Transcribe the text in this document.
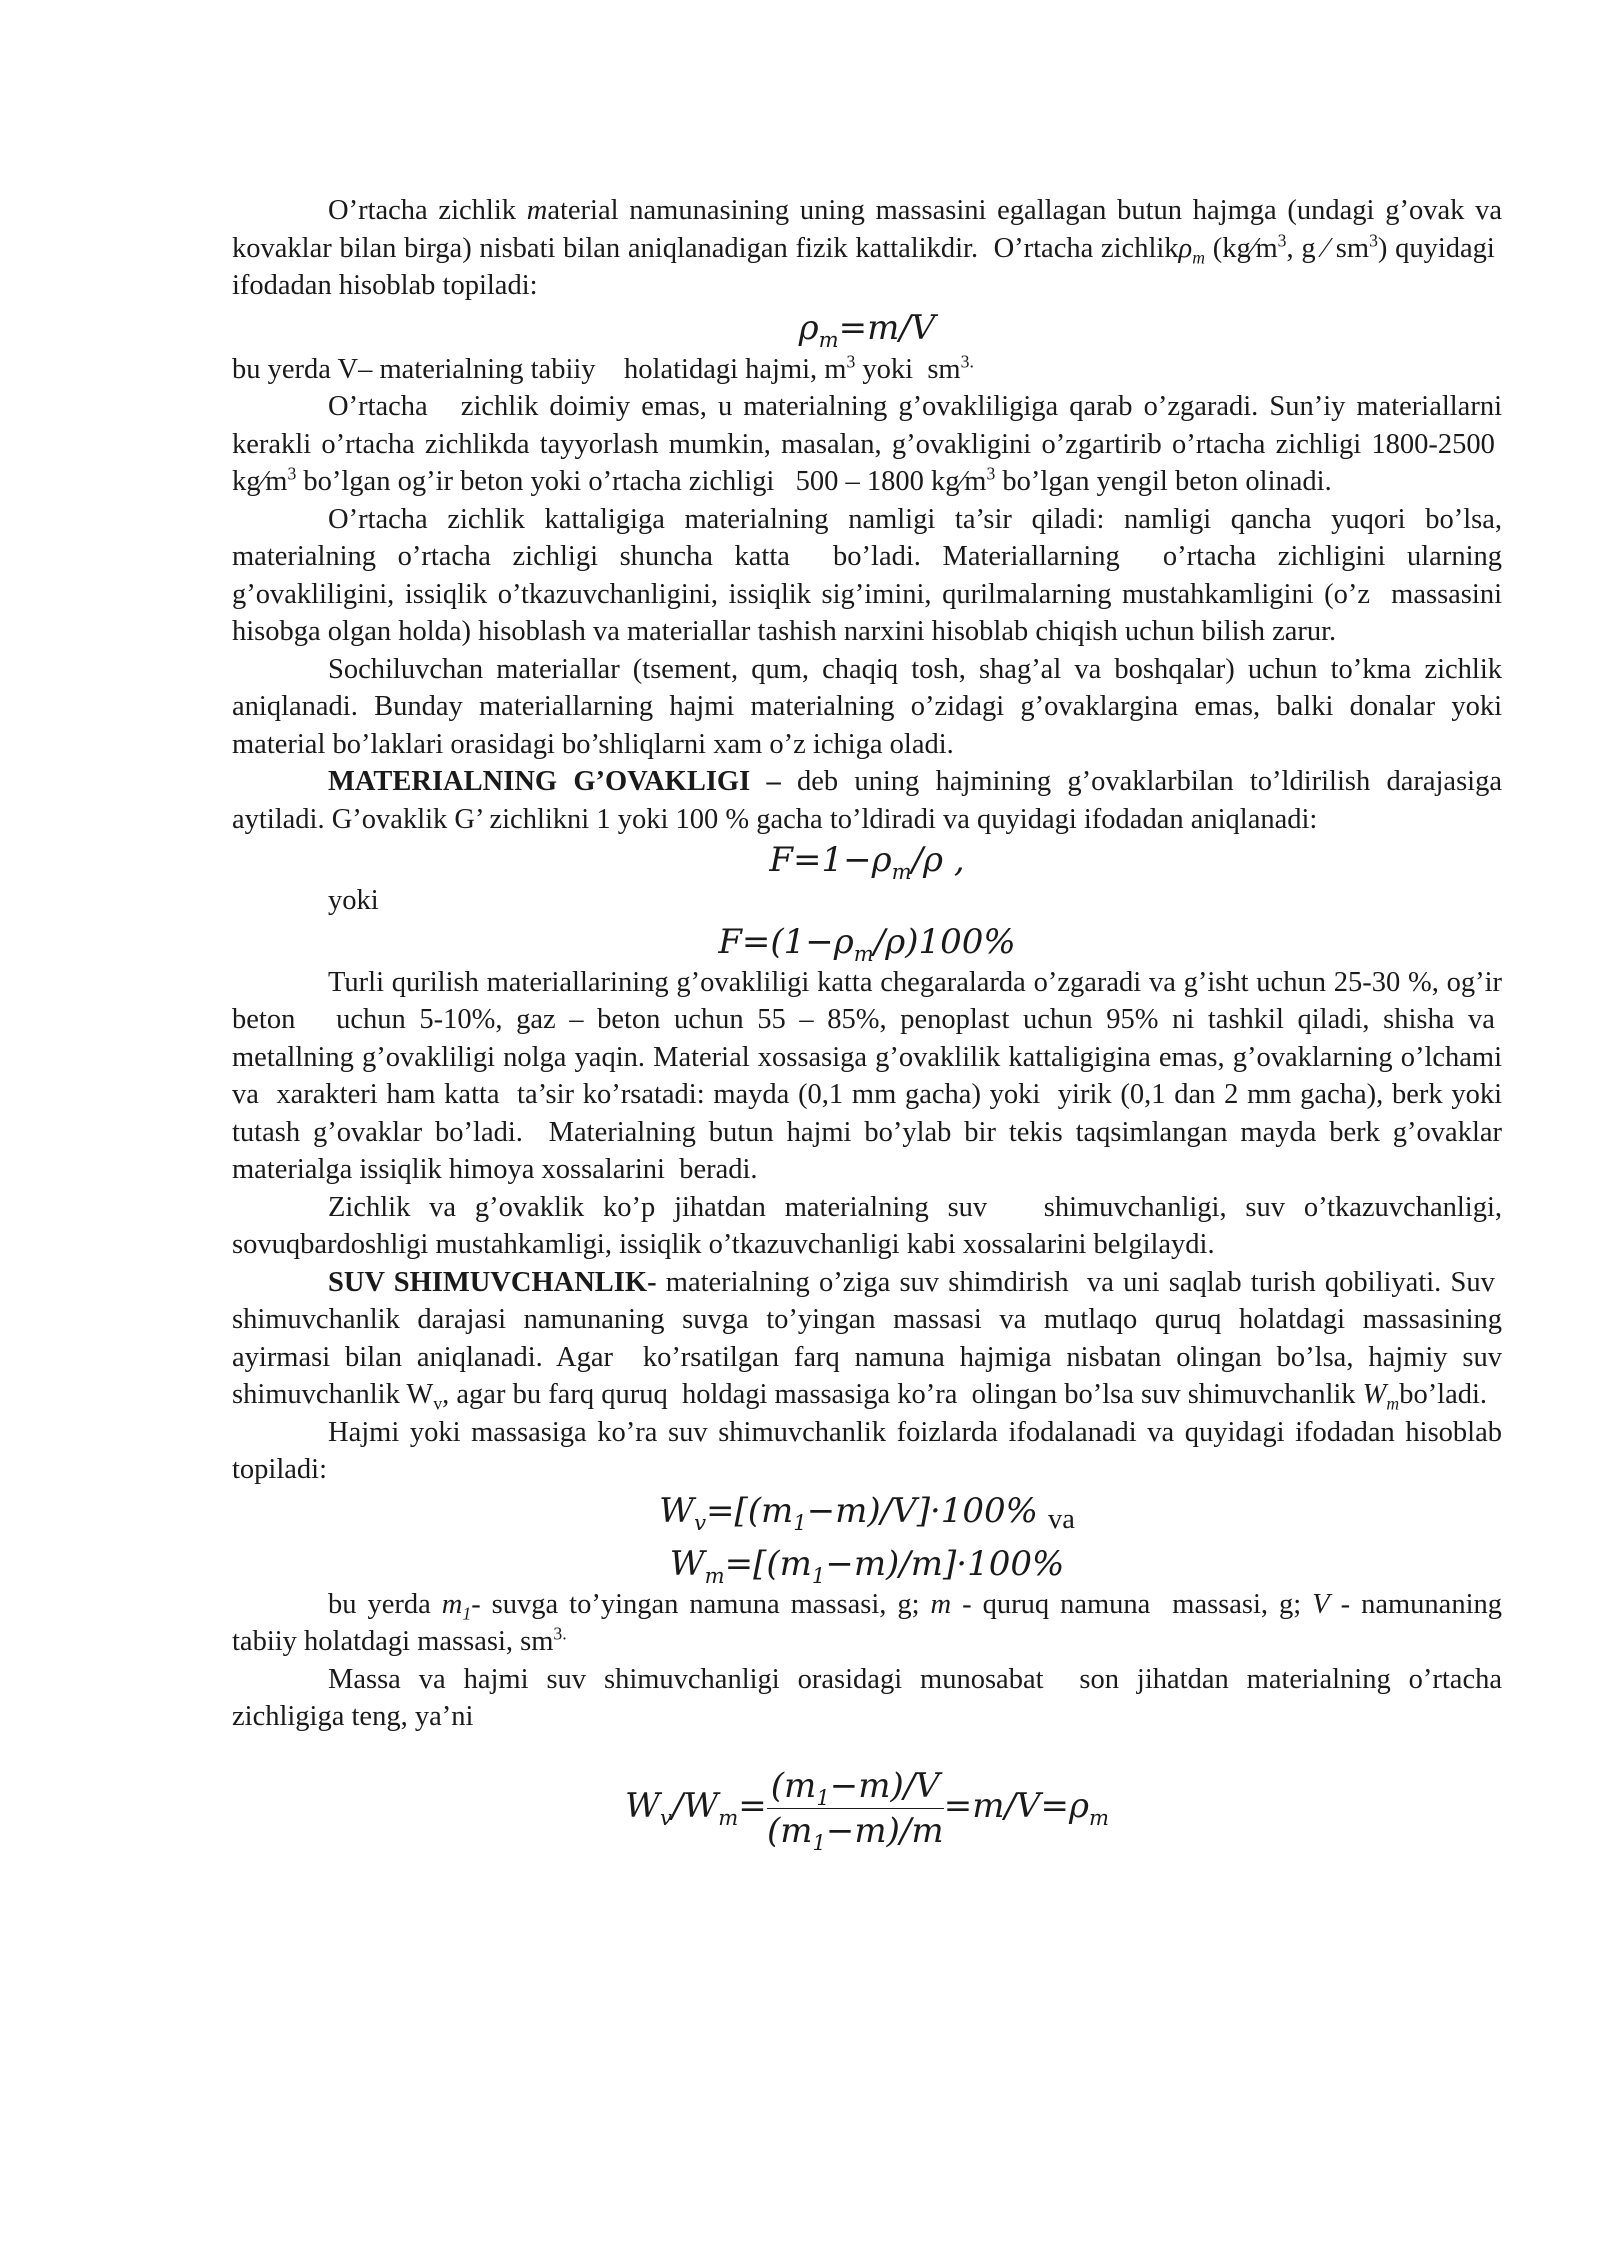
O’rtacha zichlik material namunasining uning massasini egallagan butun hajmga (undagi g’ovak va kovaklar bilan birga) nisbati bilan aniqlanadigan fizik kattalikdir.  O’rtacha zichlikρ$_m$ ($kg⁄m^3$, g ⁄ $sm^3$) quyidagi  ifodadan hisoblab topiladi:

$\rho_m=m/V$

bu yerda V– materialning tabiiy    holatidagi hajmi, $m^3$ yoki  $sm^{3.}$

O’rtacha   zichlik doimiy emas, u materialning g’ovakliligiga qarab o’zgaradi. Sun’iy materiallarni kerakli o’rtacha zichlikda tayyorlash mumkin, masalan, g’ovakligini o’zgartirib o’rtacha zichligi 1800-2500  $kg⁄m^3$ bo’lgan og’ir beton yoki o’rtacha zichligi   500 – 1800 $kg⁄m^3$ bo’lgan yengil beton olinadi.

O’rtacha zichlik kattaligiga materialning namligi ta’sir qiladi: namligi qancha yuqori bo’lsa, materialning o’rtacha zichligi shuncha katta  bo’ladi. Materiallarning  o’rtacha zichligini ularning g’ovakliligini, issiqlik o’tkazuvchanligini, issiqlik sig’imini, qurilmalarning mustahkamligini (o’z  massasini hisobga olgan holda) hisoblash va materiallar tashish narxini hisoblab chiqish uchun bilish zarur.

Sochiluvchan materiallar (tsement, qum, chaqiq tosh, shag’al va boshqalar) uchun to’kma zichlik aniqlanadi. Bunday materiallarning hajmi materialning o’zidagi g’ovaklargina emas, balki donalar yoki material bo’laklari orasidagi bo’shliqlarni xam o’z ichiga oladi.

MATERIALNING G’OVAKLIGI – deb uning hajmining g’ovaklarbilan to’ldirilish darajasiga aytiladi. G’ovaklik G’ zichlikni 1 yoki 100 % gacha to’ldiradi va quyidagi ifodadan aniqlanadi:

$F=1-\rho_m/\rho$ ,

yoki

$F=(1-\rho_m/\rho)100\%$

Turli qurilish materiallarining g’ovakliligi katta chegaralarda o’zgaradi va g’isht uchun 25-30 %, og’ir beton   uchun 5-10%, gaz – beton uchun 55 – 85%, penoplast uchun 95% ni tashkil qiladi, shisha va  metallning g’ovakliligi nolga yaqin. Material xossasiga g’ovaklilik kattaligigina emas, g’ovaklarning o’lchami va  xarakteri ham katta  ta’sir ko’rsatadi: mayda (0,1 mm gacha) yoki  yirik (0,1 dan 2 mm gacha), berk yoki tutash g’ovaklar bo’ladi.  Materialning butun hajmi bo’ylab bir tekis taqsimlangan mayda berk g’ovaklar materialga issiqlik himoya xossalarini  beradi.

Zichlik va g’ovaklik ko’p jihatdan materialning suv   shimuvchanligi, suv o’tkazuvchanligi, sovuqbardoshligi mustahkamligi, issiqlik o’tkazuvchanligi kabi xossalarini belgilaydi.

SUV SHIMUVCHANLIK- materialning o’ziga suv shimdirish  va uni saqlab turish qobiliyati. Suv  shimuvchanlik darajasi namunaning suvga to’yingan massasi va mutlaqo quruq holatdagi massasining ayirmasi bilan aniqlanadi. Agar  ko’rsatilgan farq namuna hajmiga nisbatan olingan bo’lsa, hajmiy suv shimuvchanlik $W_v$, agar bu farq quruq  holdagi massasiga ko’ra  olingan bo’lsa suv shimuvchanlik $W_mbo’ladi$.

Hajmi yoki massasiga ko’ra suv shimuvchanlik foizlarda ifodalanadi va quyidagi ifodadan hisoblab topiladi:

$W_v=[(m_1-m)/V]\cdot 100\%$ va
$W_m=[(m_1-m)/m]\cdot 100\%$

bu yerda $m_1-$ suvga to’yingan namuna massasi, g; m - quruq namuna  massasi, g; V - namunaning tabiiy holatdagi massasi, $sm^{3.}$

Massa va hajmi suv shimuvchanligi orasidagi munosabat  son jihatdan materialning o’rtacha zichligiga teng, ya’ni

$W_v/W_m= \frac{(m_1-m)/V}{(m_1-m)/m} =m/V=\rho_m$
